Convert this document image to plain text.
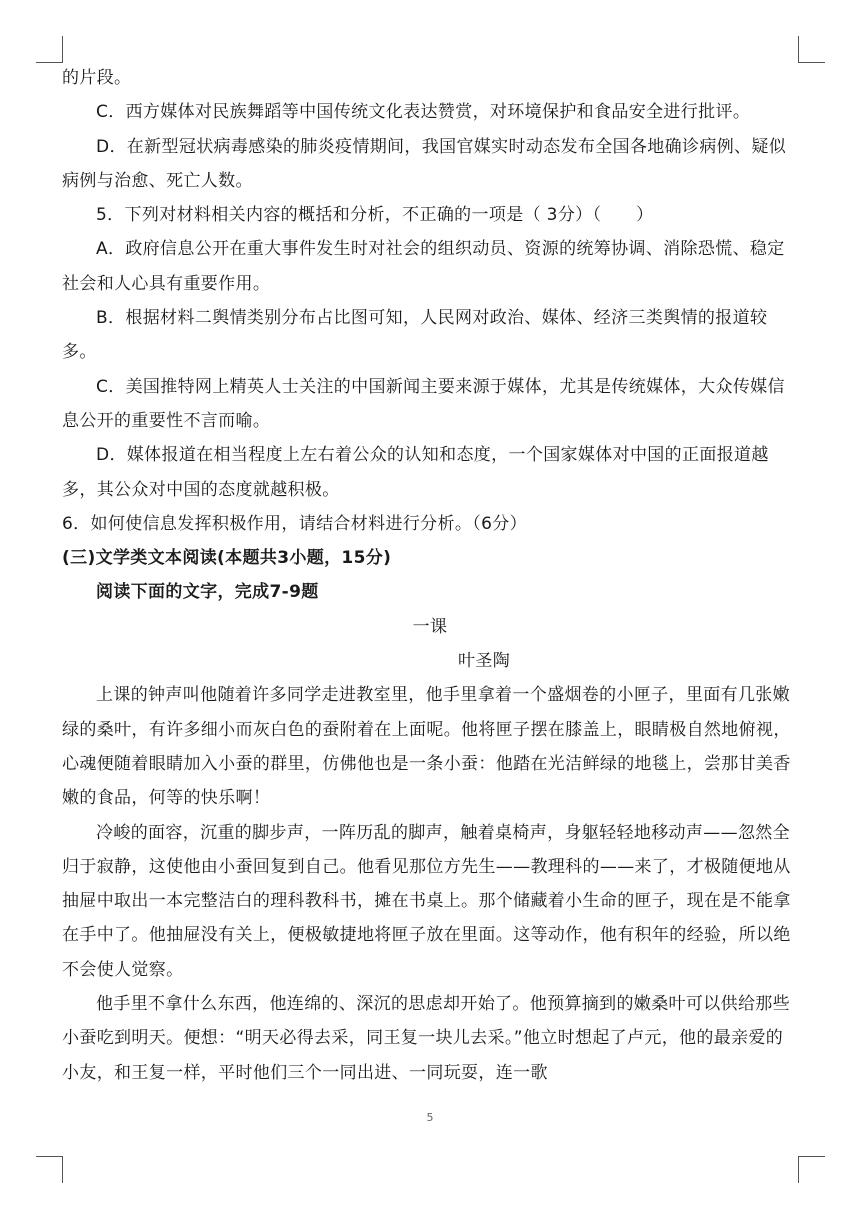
的片段。

C．西方媒体对民族舞蹈等中国传统文化表达赞赏，对环境保护和食品安全进行批评。

D．在新型冠状病毒感染的肺炎疫情期间，我国官媒实时动态发布全国各地确诊病例、疑似病例与治愈、死亡人数。

5．下列对材料相关内容的概括和分析，不正确的一项是（ 3分）（　　）

A．政府信息公开在重大事件发生时对社会的组织动员、资源的统筹协调、消除恐慌、稳定社会和人心具有重要作用。

B．根据材料二舆情类别分布占比图可知，人民网对政治、媒体、经济三类舆情的报道较多。

C．美国推特网上精英人士关注的中国新闻主要来源于媒体，尤其是传统媒体，大众传媒信息公开的重要性不言而喻。

D．媒体报道在相当程度上左右着公众的认知和态度，一个国家媒体对中国的正面报道越多，其公众对中国的态度就越积极。

6．如何使信息发挥积极作用，请结合材料进行分析。（6分）

(三)文学类文本阅读(本题共3小题，15分)

阅读下面的文字，完成7-9题

一课

叶圣陶

上课的钟声叫他随着许多同学走进教室里，他手里拿着一个盛烟卷的小匣子，里面有几张嫩绿的桑叶，有许多细小而灰白色的蚕附着在上面呢。他将匣子摆在膝盖上，眼睛极自然地俯视，心魂便随着眼睛加入小蚕的群里，仿佛他也是一条小蚕：他踏在光洁鲜绿的地毯上，尝那甘美香嫩的食品，何等的快乐啊！

冷峻的面容，沉重的脚步声，一阵历乱的脚声，触着桌椅声，身躯轻轻地移动声——忽然全归于寂静，这使他由小蚕回复到自己。他看见那位方先生——教理科的——来了，才极随便地从抽屉中取出一本完整洁白的理科教科书，摊在书桌上。那个储藏着小生命的匣子，现在是不能拿在手中了。他抽屉没有关上，便极敏捷地将匣子放在里面。这等动作，他有积年的经验，所以绝不会使人觉察。

他手里不拿什么东西，他连绵的、深沉的思虑却开始了。他预算摘到的嫩桑叶可以供给那些小蚕吃到明天。便想：“明天必得去采，同王复一块儿去采。”他立时想起了卢元，他的最亲爱的小友，和王复一样，平时他们三个一同出进、一同玩耍，连一歌

5
